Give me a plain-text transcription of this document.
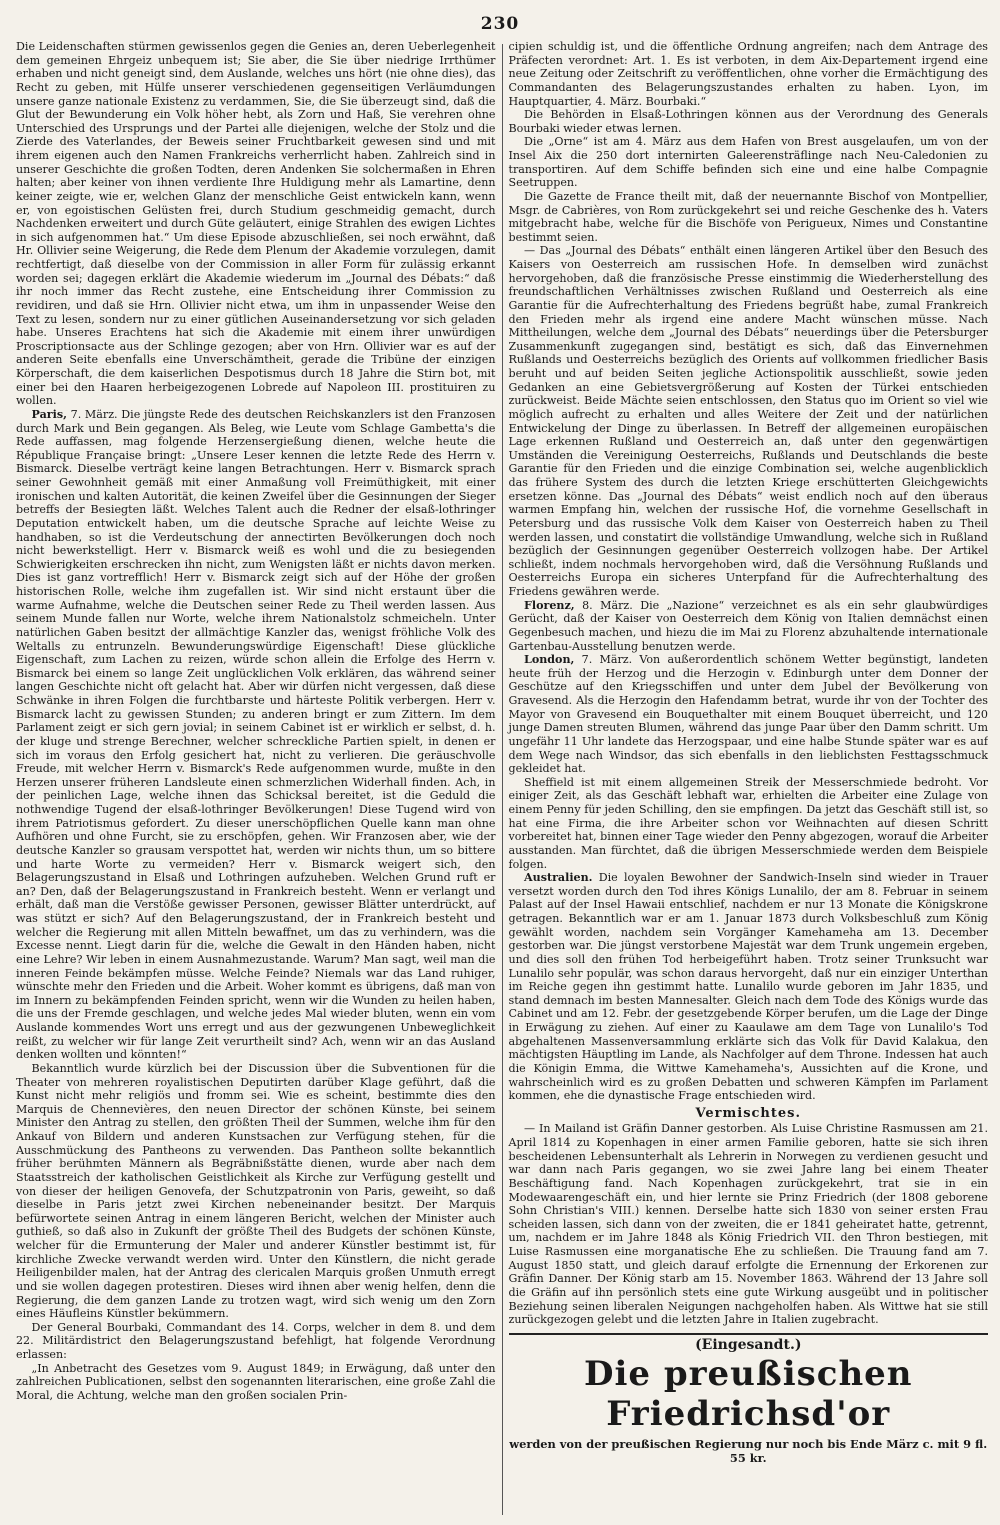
230

Die Leidenschaften stürmen gewissenlos gegen die Genies an, deren Ueberlegenheit dem gemeinen Ehrgeiz unbequem ist; Sie aber, die Sie über niedrige Irrthümer erhaben und nicht geneigt sind, dem Auslande, welches uns hört (nie ohne dies), das Recht zu geben, mit Hülfe unserer verschiedenen gegenseitigen Verläumdungen unsere ganze nationale Existenz zu verdammen, Sie, die Sie überzeugt sind, daß die Glut der Bewunderung ein Volk höher hebt, als Zorn und Haß, Sie verehren ohne Unterschied des Ursprungs und der Partei alle diejenigen, welche der Stolz und die Zierde des Vaterlandes, der Beweis seiner Fruchtbarkeit gewesen sind und mit ihrem eigenen auch den Namen Frankreichs verherrlicht haben. Zahlreich sind in unserer Geschichte die großen Todten, deren Andenken Sie solchermaßen in Ehren halten; aber keiner von ihnen verdiente Ihre Huldigung mehr als Lamartine, denn keiner zeigte, wie er, welchen Glanz der menschliche Geist entwickeln kann, wenn er, von egoistischen Gelüsten frei, durch Studium geschmeidig gemacht, durch Nachdenken erweitert und durch Güte geläutert, einige Strahlen des ewigen Lichtes in sich aufgenommen hat.“ Um diese Episode abzuschließen, sei noch erwähnt, daß Hr. Ollivier seine Weigerung, die Rede dem Plenum der Akademie vorzulegen, damit rechtfertigt, daß dieselbe von der Commission in aller Form für zulässig erkannt worden sei; dagegen erklärt die Akademie wiederum im „Journal des Débats:“ daß ihr noch immer das Recht zustehe, eine Entscheidung ihrer Commission zu revidiren, und daß sie Hrn. Ollivier nicht etwa, um ihm in unpassender Weise den Text zu lesen, sondern nur zu einer gütlichen Auseinandersetzung vor sich geladen habe. Unseres Erachtens hat sich die Akademie mit einem ihrer unwürdigen Proscriptionsacte aus der Schlinge gezogen; aber von Hrn. Ollivier war es auf der anderen Seite ebenfalls eine Unverschämtheit, gerade die Tribüne der einzigen Körperschaft, die dem kaiserlichen Despotismus durch 18 Jahre die Stirn bot, mit einer bei den Haaren herbeigezogenen Lobrede auf Napoleon III. prostituiren zu wollen.

Paris, 7. März. Die jüngste Rede des deutschen Reichskanzlers ist den Franzosen durch Mark und Bein gegangen. Als Beleg, wie Leute vom Schlage Gambetta's die Rede auffassen, mag folgende Herzensergießung dienen, welche heute die République Française bringt: „Unsere Leser kennen die letzte Rede des Herrn v. Bismarck. Dieselbe verträgt keine langen Betrachtungen. Herr v. Bismarck sprach seiner Gewohnheit gemäß mit einer Anmaßung voll Freimüthigkeit, mit einer ironischen und kalten Autorität, die keinen Zweifel über die Gesinnungen der Sieger betreffs der Besiegten läßt. Welches Talent auch die Redner der elsaß-lothringer Deputation entwickelt haben, um die deutsche Sprache auf leichte Weise zu handhaben, so ist die Verdeutschung der annectirten Bevölkerungen doch noch nicht bewerkstelligt. Herr v. Bismarck weiß es wohl und die zu besiegenden Schwierigkeiten erschrecken ihn nicht, zum Wenigsten läßt er nichts davon merken. Dies ist ganz vortrefflich! Herr v. Bismarck zeigt sich auf der Höhe der großen historischen Rolle, welche ihm zugefallen ist. Wir sind nicht erstaunt über die warme Aufnahme, welche die Deutschen seiner Rede zu Theil werden lassen. Aus seinem Munde fallen nur Worte, welche ihrem Nationalstolz schmeicheln. Unter natürlichen Gaben besitzt der allmächtige Kanzler das, wenigst fröhliche Volk des Weltalls zu entrunzeln. Bewunderungswürdige Eigenschaft! Diese glückliche Eigenschaft, zum Lachen zu reizen, würde schon allein die Erfolge des Herrn v. Bismarck bei einem so lange Zeit unglücklichen Volk erklären, das während seiner langen Geschichte nicht oft gelacht hat. Aber wir dürfen nicht vergessen, daß diese Schwänke in ihren Folgen die furchtbarste und härteste Politik verbergen. Herr v. Bismarck lacht zu gewissen Stunden; zu anderen bringt er zum Zittern. Im dem Parlament zeigt er sich gern jovial; in seinem Cabinet ist er wirklich er selbst, d. h. der kluge und strenge Berechner, welcher schreckliche Partien spielt, in denen er sich im voraus den Erfolg gesichert hat, nicht zu verlieren. Die geräuschvolle Freude, mit welcher Herrn v. Bismarck's Rede aufgenommen wurde, mußte in den Herzen unserer früheren Landsleute einen schmerzlichen Widerhall finden. Ach, in der peinlichen Lage, welche ihnen das Schicksal bereitet, ist die Geduld die nothwendige Tugend der elsaß-lothringer Bevölkerungen! Diese Tugend wird von ihrem Patriotismus gefordert. Zu dieser unerschöpflichen Quelle kann man ohne Aufhören und ohne Furcht, sie zu erschöpfen, gehen. Wir Franzosen aber, wie der deutsche Kanzler so grausam verspottet hat, werden wir nichts thun, um so bittere und harte Worte zu vermeiden? Herr v. Bismarck weigert sich, den Belagerungszustand in Elsaß und Lothringen aufzuheben. Welchen Grund ruft er an? Den, daß der Belagerungszustand in Frankreich besteht. Wenn er verlangt und erhält, daß man die Verstöße gewisser Personen, gewisser Blätter unterdrückt, auf was stützt er sich? Auf den Belagerungszustand, der in Frankreich besteht und welcher die Regierung mit allen Mitteln bewaffnet, um das zu verhindern, was die Excesse nennt. Liegt darin für die, welche die Gewalt in den Händen haben, nicht eine Lehre? Wir leben in einem Ausnahmezustande. Warum? Man sagt, weil man die inneren Feinde bekämpfen müsse. Welche Feinde? Niemals war das Land ruhiger, wünschte mehr den Frieden und die Arbeit. Woher kommt es übrigens, daß man von im Innern zu bekämpfenden Feinden spricht, wenn wir die Wunden zu heilen haben, die uns der Fremde geschlagen, und welche jedes Mal wieder bluten, wenn ein vom Auslande kommendes Wort uns erregt und aus der gezwungenen Unbeweglichkeit reißt, zu welcher wir für lange Zeit verurtheilt sind? Ach, wenn wir an das Ausland denken wollten und könnten!“

Bekanntlich wurde kürzlich bei der Discussion über die Subventionen für die Theater von mehreren royalistischen Deputirten darüber Klage geführt, daß die Kunst nicht mehr religiös und fromm sei. Wie es scheint, bestimmte dies den Marquis de Chennevières, den neuen Director der schönen Künste, bei seinem Minister den Antrag zu stellen, den größten Theil der Summen, welche ihm für den Ankauf von Bildern und anderen Kunstsachen zur Verfügung stehen, für die Ausschmückung des Pantheons zu verwenden. Das Pantheon sollte bekanntlich früher berühmten Männern als Begräbnißstätte dienen, wurde aber nach dem Staatsstreich der katholischen Geistlichkeit als Kirche zur Verfügung gestellt und von dieser der heiligen Genovefa, der Schutzpatronin von Paris, geweiht, so daß dieselbe in Paris jetzt zwei Kirchen nebeneinander besitzt. Der Marquis befürwortete seinen Antrag in einem längeren Bericht, welchen der Minister auch guthieß, so daß also in Zukunft der größte Theil des Budgets der schönen Künste, welcher für die Ermunterung der Maler und anderer Künstler bestimmt ist, für kirchliche Zwecke verwandt werden wird. Unter den Künstlern, die nicht gerade Heiligenbilder malen, hat der Antrag des clericalen Marquis großen Unmuth erregt und sie wollen dagegen protestiren. Dieses wird ihnen aber wenig helfen, denn die Regierung, die dem ganzen Lande zu trotzen wagt, wird sich wenig um den Zorn eines Häufleins Künstler bekümmern.

Der General Bourbaki, Commandant des 14. Corps, welcher in dem 8. und dem 22. Militärdistrict den Belagerungszustand befehligt, hat folgende Verordnung erlassen:

„In Anbetracht des Gesetzes vom 9. August 1849; in Erwägung, daß unter den zahlreichen Publicationen, selbst den sogenannten literarischen, eine große Zahl die Moral, die Achtung, welche man den großen socialen Prin-

cipien schuldig ist, und die öffentliche Ordnung angreifen; nach dem Antrage des Präfecten verordnet: Art. 1. Es ist verboten, in dem Aix-Departement irgend eine neue Zeitung oder Zeitschrift zu veröffentlichen, ohne vorher die Ermächtigung des Commandanten des Belagerungszustandes erhalten zu haben. Lyon, im Hauptquartier, 4. März. Bourbaki.“

Die Behörden in Elsaß-Lothringen können aus der Verordnung des Generals Bourbaki wieder etwas lernen.

Die „Orne“ ist am 4. März aus dem Hafen von Brest ausgelaufen, um von der Insel Aix die 250 dort internirten Galeerensträflinge nach Neu-Caledonien zu transportiren. Auf dem Schiffe befinden sich eine und eine halbe Compagnie Seetruppen.

Die Gazette de France theilt mit, daß der neuernannte Bischof von Montpellier, Msgr. de Cabrières, von Rom zurückgekehrt sei und reiche Geschenke des h. Vaters mitgebracht habe, welche für die Bischöfe von Perigueux, Nimes und Constantine bestimmt seien.

— Das „Journal des Débats“ enthält einen längeren Artikel über den Besuch des Kaisers von Oesterreich am russischen Hofe. In demselben wird zunächst hervorgehoben, daß die französische Presse einstimmig die Wiederherstellung des freundschaftlichen Verhältnisses zwischen Rußland und Oesterreich als eine Garantie für die Aufrechterhaltung des Friedens begrüßt habe, zumal Frankreich den Frieden mehr als irgend eine andere Macht wünschen müsse. Nach Mittheilungen, welche dem „Journal des Débats“ neuerdings über die Petersburger Zusammenkunft zugegangen sind, bestätigt es sich, daß das Einvernehmen Rußlands und Oesterreichs bezüglich des Orients auf vollkommen friedlicher Basis beruht und auf beiden Seiten jegliche Actionspolitik ausschließt, sowie jeden Gedanken an eine Gebietsvergrößerung auf Kosten der Türkei entschieden zurückweist. Beide Mächte seien entschlossen, den Status quo im Orient so viel wie möglich aufrecht zu erhalten und alles Weitere der Zeit und der natürlichen Entwickelung der Dinge zu überlassen. In Betreff der allgemeinen europäischen Lage erkennen Rußland und Oesterreich an, daß unter den gegenwärtigen Umständen die Vereinigung Oesterreichs, Rußlands und Deutschlands die beste Garantie für den Frieden und die einzige Combination sei, welche augenblicklich das frühere System des durch die letzten Kriege erschütterten Gleichgewichts ersetzen könne. Das „Journal des Débats“ weist endlich noch auf den überaus warmen Empfang hin, welchen der russische Hof, die vornehme Gesellschaft in Petersburg und das russische Volk dem Kaiser von Oesterreich haben zu Theil werden lassen, und constatirt die vollständige Umwandlung, welche sich in Rußland bezüglich der Gesinnungen gegenüber Oesterreich vollzogen habe. Der Artikel schließt, indem nochmals hervorgehoben wird, daß die Versöhnung Rußlands und Oesterreichs Europa ein sicheres Unterpfand für die Aufrechterhaltung des Friedens gewähren werde.

Florenz, 8. März. Die „Nazione“ verzeichnet es als ein sehr glaubwürdiges Gerücht, daß der Kaiser von Oesterreich dem König von Italien demnächst einen Gegenbesuch machen, und hiezu die im Mai zu Florenz abzuhaltende internationale Gartenbau-Ausstellung benutzen werde.

London, 7. März. Von außerordentlich schönem Wetter begünstigt, landeten heute früh der Herzog und die Herzogin v. Edinburgh unter dem Donner der Geschütze auf den Kriegsschiffen und unter dem Jubel der Bevölkerung von Gravesend. Als die Herzogin den Hafendamm betrat, wurde ihr von der Tochter des Mayor von Gravesend ein Bouquethalter mit einem Bouquet überreicht, und 120 junge Damen streuten Blumen, während das junge Paar über den Damm schritt. Um ungefähr 11 Uhr landete das Herzogspaar, und eine halbe Stunde später war es auf dem Wege nach Windsor, das sich ebenfalls in den lieblichsten Festtagsschmuck gekleidet hat.

Sheffield ist mit einem allgemeinen Streik der Messerschmiede bedroht. Vor einiger Zeit, als das Geschäft lebhaft war, erhielten die Arbeiter eine Zulage von einem Penny für jeden Schilling, den sie empfingen. Da jetzt das Geschäft still ist, so hat eine Firma, die ihre Arbeiter schon vor Weihnachten auf diesen Schritt vorbereitet hat, binnen einer Tage wieder den Penny abgezogen, worauf die Arbeiter ausstanden. Man fürchtet, daß die übrigen Messerschmiede werden dem Beispiele folgen.

Australien. Die loyalen Bewohner der Sandwich-Inseln sind wieder in Trauer versetzt worden durch den Tod ihres Königs Lunalilo, der am 8. Februar in seinem Palast auf der Insel Hawaii entschlief, nachdem er nur 13 Monate die Königskrone getragen. Bekanntlich war er am 1. Januar 1873 durch Volksbeschluß zum König gewählt worden, nachdem sein Vorgänger Kamehameha am 13. December gestorben war. Die jüngst verstorbene Majestät war dem Trunk ungemein ergeben, und dies soll den frühen Tod herbeigeführt haben. Trotz seiner Trunksucht war Lunalilo sehr populär, was schon daraus hervorgeht, daß nur ein einziger Unterthan im Reiche gegen ihn gestimmt hatte. Lunalilo wurde geboren im Jahr 1835, und stand demnach im besten Mannesalter. Gleich nach dem Tode des Königs wurde das Cabinet und am 12. Febr. der gesetzgebende Körper berufen, um die Lage der Dinge in Erwägung zu ziehen. Auf einer zu Kaaulawe am dem Tage von Lunalilo's Tod abgehaltenen Massenversammlung erklärte sich das Volk für David Kalakua, den mächtigsten Häuptling im Lande, als Nachfolger auf dem Throne. Indessen hat auch die Königin Emma, die Wittwe Kamehameha's, Aussichten auf die Krone, und wahrscheinlich wird es zu großen Debatten und schweren Kämpfen im Parlament kommen, ehe die dynastische Frage entschieden wird.

Vermischtes.

— In Mailand ist Gräfin Danner gestorben. Als Luise Christine Rasmussen am 21. April 1814 zu Kopenhagen in einer armen Familie geboren, hatte sie sich ihren bescheidenen Lebensunterhalt als Lehrerin in Norwegen zu verdienen gesucht und war dann nach Paris gegangen, wo sie zwei Jahre lang bei einem Theater Beschäftigung fand. Nach Kopenhagen zurückgekehrt, trat sie in ein Modewaarengeschäft ein, und hier lernte sie Prinz Friedrich (der 1808 geborene Sohn Christian's VIII.) kennen. Derselbe hatte sich 1830 von seiner ersten Frau scheiden lassen, sich dann von der zweiten, die er 1841 geheiratet hatte, getrennt, um, nachdem er im Jahre 1848 als König Friedrich VII. den Thron bestiegen, mit Luise Rasmussen eine morganatische Ehe zu schließen. Die Trauung fand am 7. August 1850 statt, und gleich darauf erfolgte die Ernennung der Erkorenen zur Gräfin Danner. Der König starb am 15. November 1863. Während der 13 Jahre soll die Gräfin auf ihn persönlich stets eine gute Wirkung ausgeübt und in politischer Beziehung seinen liberalen Neigungen nachgeholfen haben. Als Wittwe hat sie still zurückgezogen gelebt und die letzten Jahre in Italien zugebracht.

(Eingesandt.)

Die preußischen Friedrichsd'or

werden von der preußischen Regierung nur noch bis Ende März c. mit 9 fl. 55 kr.
